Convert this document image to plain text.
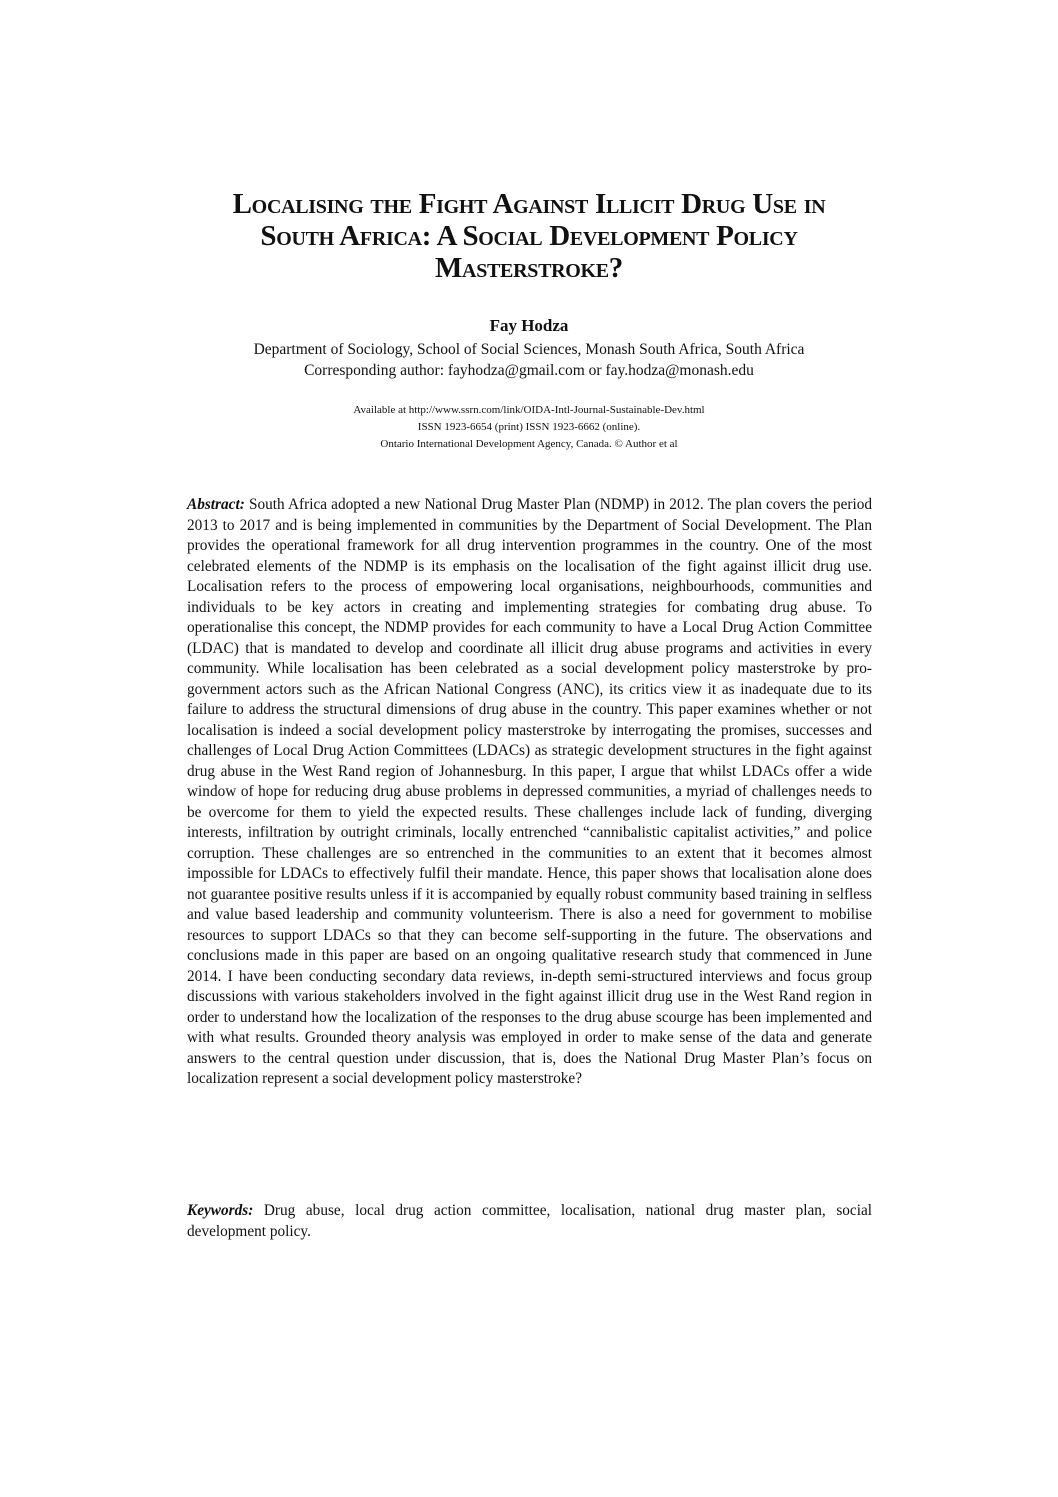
Localising the Fight Against Illicit Drug Use in
South Africa: A Social Development Policy
Masterstroke?
Fay Hodza
Department of Sociology, School of Social Sciences, Monash South Africa, South Africa
Corresponding author: fayhodza@gmail.com or fay.hodza@monash.edu
Available at http://www.ssrn.com/link/OIDA-Intl-Journal-Sustainable-Dev.html
ISSN 1923-6654 (print) ISSN 1923-6662 (online).
Ontario International Development Agency, Canada. © Author et al

Abstract: South Africa adopted a new National Drug Master Plan (NDMP) in 2012. The plan covers the period 2013 to 2017 and is being implemented in communities by the Department of Social Development. The Plan provides the operational framework for all drug intervention programmes in the country. One of the most celebrated elements of the NDMP is its emphasis on the localisation of the fight against illicit drug use. Localisation refers to the process of empowering local organisations, neighbourhoods, communities and individuals to be key actors in creating and implementing strategies for combating drug abuse. To operationalise this concept, the NDMP provides for each community to have a Local Drug Action Committee (LDAC) that is mandated to develop and coordinate all illicit drug abuse programs and activities in every community. While localisation has been celebrated as a social development policy masterstroke by pro-government actors such as the African National Congress (ANC), its critics view it as inadequate due to its failure to address the structural dimensions of drug abuse in the country. This paper examines whether or not localisation is indeed a social development policy masterstroke by interrogating the promises, successes and challenges of Local Drug Action Committees (LDACs) as strategic development structures in the fight against drug abuse in the West Rand region of Johannesburg. In this paper, I argue that whilst LDACs offer a wide window of hope for reducing drug abuse problems in depressed communities, a myriad of challenges needs to be overcome for them to yield the expected results. These challenges include lack of funding, diverging interests, infiltration by outright criminals, locally entrenched “cannibalistic capitalist activities,” and police corruption. These challenges are so entrenched in the communities to an extent that it becomes almost impossible for LDACs to effectively fulfil their mandate. Hence, this paper shows that localisation alone does not guarantee positive results unless if it is accompanied by equally robust community based training in selfless and value based leadership and community volunteerism. There is also a need for government to mobilise resources to support LDACs so that they can become self-supporting in the future. The observations and conclusions made in this paper are based on an ongoing qualitative research study that commenced in June 2014. I have been conducting secondary data reviews, in-depth semi-structured interviews and focus group discussions with various stakeholders involved in the fight against illicit drug use in the West Rand region in order to understand how the localization of the responses to the drug abuse scourge has been implemented and with what results. Grounded theory analysis was employed in order to make sense of the data and generate answers to the central question under discussion, that is, does the National Drug Master Plan’s focus on localization represent a social development policy masterstroke?

Keywords: Drug abuse, local drug action committee, localisation, national drug master plan, social development policy.
